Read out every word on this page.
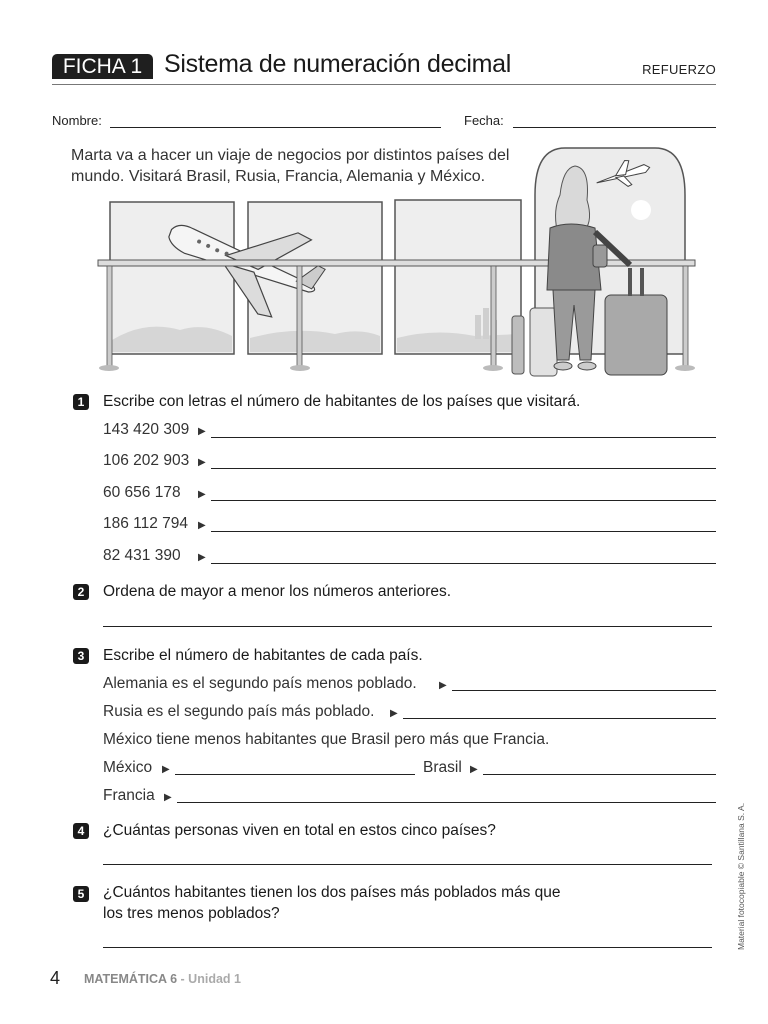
FICHA 1 Sistema de numeración decimal	REFUERZO
Nombre:	Fecha:
Marta va a hacer un viaje de negocios por distintos países del mundo. Visitará Brasil, Rusia, Francia, Alemania y México.
1	Escribe con letras el número de habitantes de los países que visitará.
143 420 309 ▶
106 202 903 ▶
60 656 178 ▶
186 112 794 ▶
82 431 390 ▶
2	Ordena de mayor a menor los números anteriores.
3	Escribe el número de habitantes de cada país.
Alemania es el segundo país menos poblado. ▶
Rusia es el segundo país más poblado. ▶
México tiene menos habitantes que Brasil pero más que Francia.
México ▶	Brasil ▶
Francia ▶
4	¿Cuántas personas viven en total en estos cinco países?
5	¿Cuántos habitantes tienen los dos países más poblados más que
los tres menos poblados?	Material fotocopiable © Santillana S. A.
4 MATEMÁTICA 6 - Unidad 1
